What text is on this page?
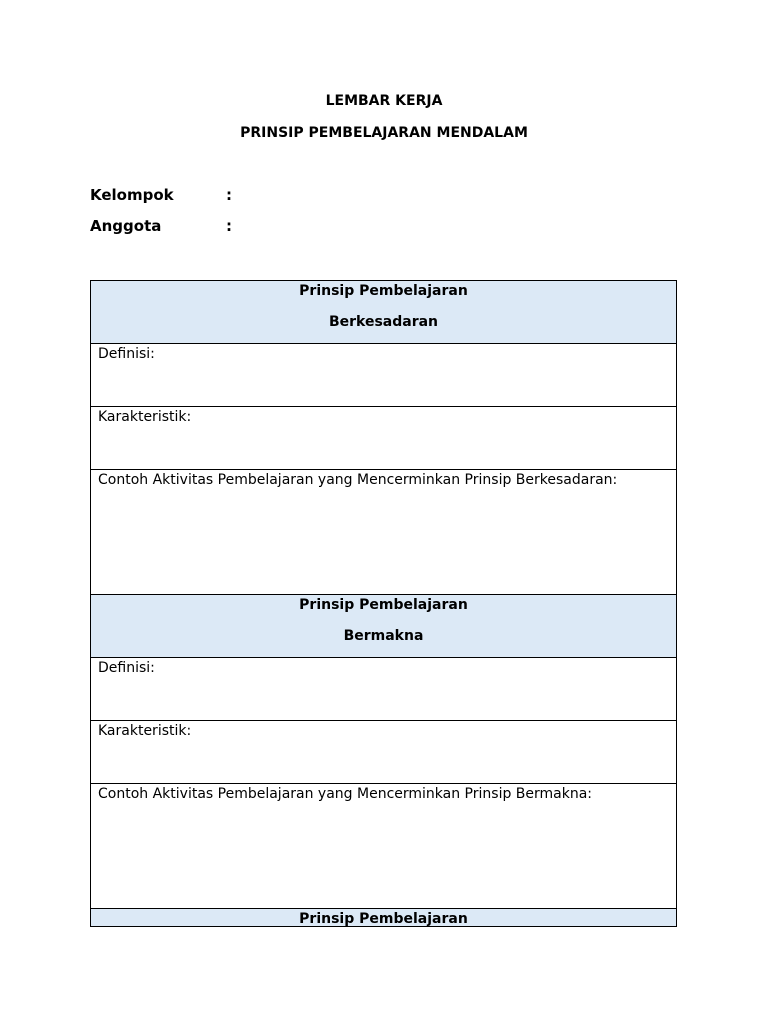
LEMBAR KERJA
PRINSIP PEMBELAJARAN MENDALAM
Kelompok	:
Anggota	:
Prinsip Pembelajaran
Berkesadaran
Definisi:
Karakteristik:
Contoh Aktivitas Pembelajaran yang Mencerminkan Prinsip Berkesadaran:
Prinsip Pembelajaran
Bermakna
Definisi:
Karakteristik:
Contoh Aktivitas Pembelajaran yang Mencerminkan Prinsip Bermakna:
Prinsip Pembelajaran
